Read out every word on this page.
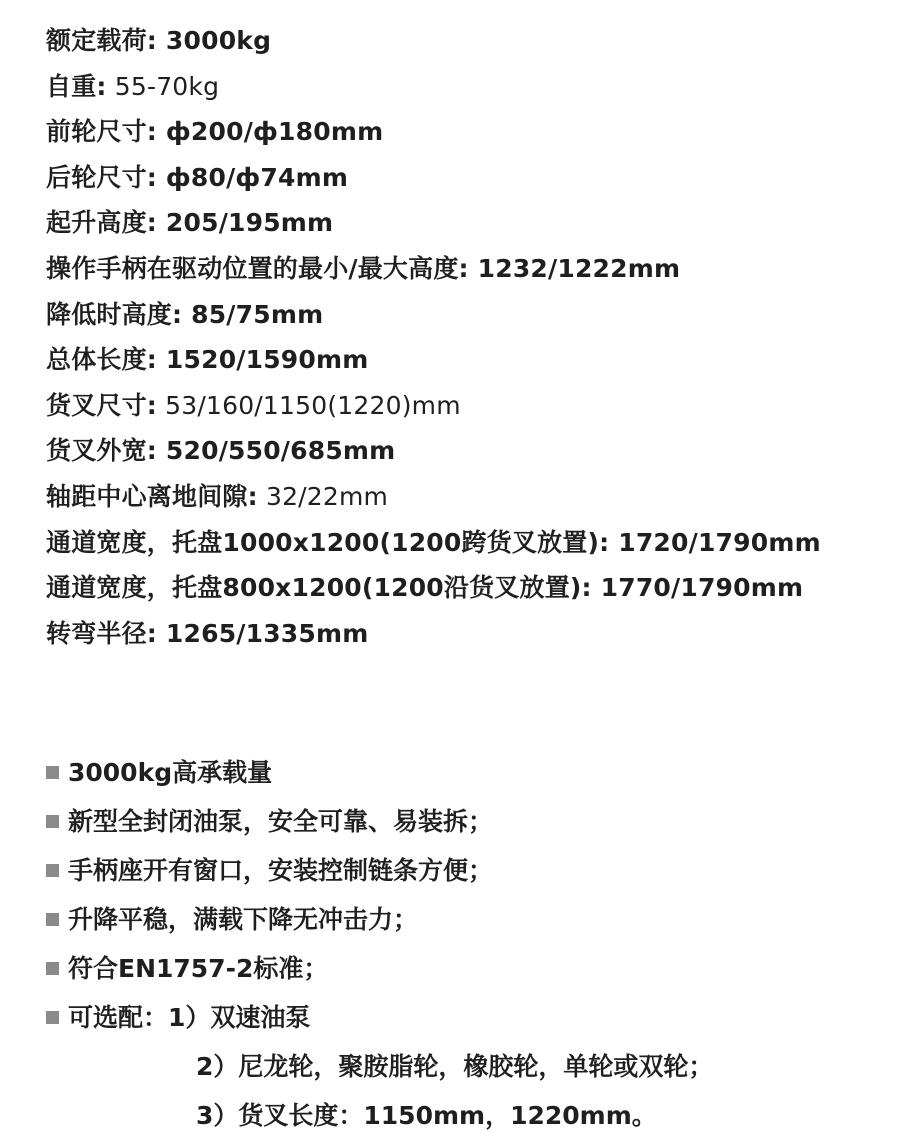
额定载荷: 3000kg
自重: 55-70kg
前轮尺寸: ф200/ф180mm
后轮尺寸: ф80/ф74mm
起升高度: 205/195mm
操作手柄在驱动位置的最小/最大高度: 1232/1222mm
降低时高度: 85/75mm
总体长度: 1520/1590mm
货叉尺寸: 53/160/1150(1220)mm
货叉外宽: 520/550/685mm
轴距中心离地间隙: 32/22mm
通道宽度，托盘1000x1200(1200跨货叉放置): 1720/1790mm
通道宽度，托盘800x1200(1200沿货叉放置): 1770/1790mm
转弯半径: 1265/1335mm
3000kg高承载量
新型全封闭油泵，安全可靠、易装拆；
手柄座开有窗口，安装控制链条方便；
升降平稳，满载下降无冲击力；
符合EN1757-2标准；
可选配：1）双速油泵
2）尼龙轮，聚胺脂轮，橡胶轮，单轮或双轮；
3）货叉长度：1150mm，1220mm。
